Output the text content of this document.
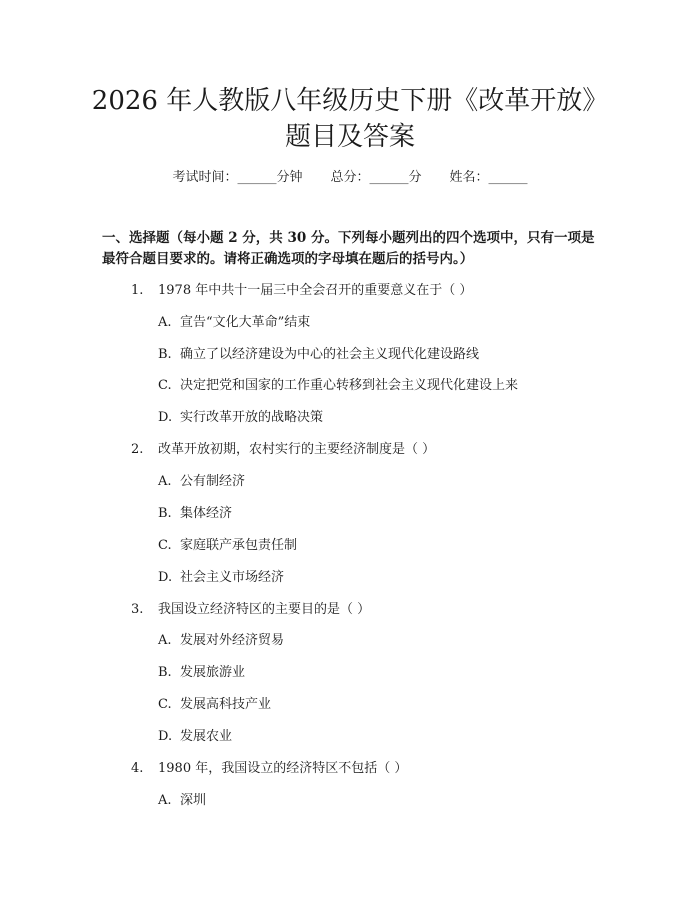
2026 年人教版八年级历史下册《改革开放》
题目及答案
考试时间：______分钟 总分：______分 姓名：______

一、选择题（每小题 2 分，共 30 分。下列每小题列出的四个选项中，只有一项是最符合题目要求的。请将正确选项的字母填在题后的括号内。）

1. 1978 年中共十一届三中全会召开的重要意义在于（ ）
A. 宣告“文化大革命”结束
B. 确立了以经济建设为中心的社会主义现代化建设路线
C. 决定把党和国家的工作重心转移到社会主义现代化建设上来
D. 实行改革开放的战略决策
2. 改革开放初期，农村实行的主要经济制度是（ ）
A. 公有制经济
B. 集体经济
C. 家庭联产承包责任制
D. 社会主义市场经济
3. 我国设立经济特区的主要目的是（ ）
A. 发展对外经济贸易
B. 发展旅游业
C. 发展高科技产业
D. 发展农业
4. 1980 年，我国设立的经济特区不包括（ ）
A. 深圳
